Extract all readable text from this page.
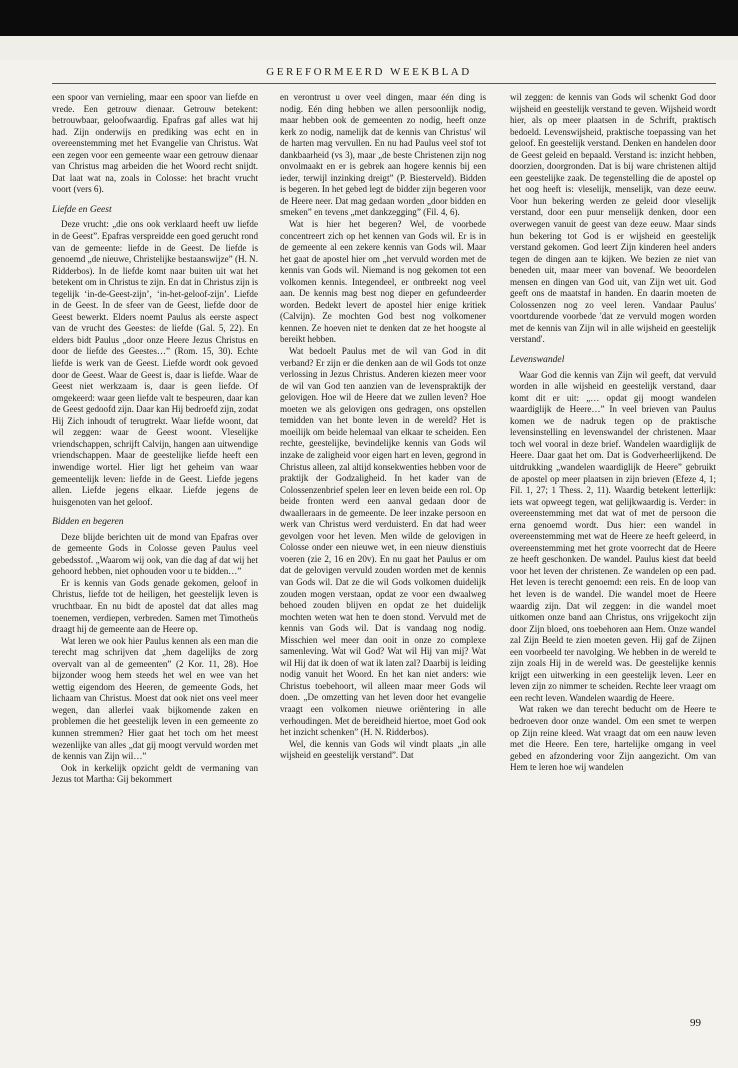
GEREFORMEERD WEEKBLAD

een spoor van vernieling, maar een spoor van liefde en vrede. Een getrouw dienaar. Getrouw betekent: betrouwbaar, geloofwaardig. Epafras gaf alles wat hij had. Zijn onderwijs en prediking was echt en in overeenstemming met het Evangelie van Christus. Wat een zegen voor een gemeente waar een getrouw dienaar van Christus mag arbeiden die het Woord recht snijdt. Dat laat wat na, zoals in Colosse: het bracht vrucht voort (vers 6).

Liefde en Geest

Deze vrucht: „die ons ook verklaard heeft uw liefde in de Geest”. Epafras verspreidde een goed gerucht rond van de gemeente: liefde in de Geest. De liefde is genoemd „de nieuwe, Christelijke bestaanswijze” (H. N. Ridderbos). In de liefde komt naar buiten uit wat het betekent om in Christus te zijn. En dat in Christus zijn is tegelijk ‘in-de-Geest-zijn’, ‘in-het-geloof-zijn’. Liefde in de Geest. In de sfeer van de Geest, liefde door de Geest bewerkt. Elders noemt Paulus als eerste aspect van de vrucht des Geestes: de liefde (Gal. 5, 22). En elders bidt Paulus „door onze Heere Jezus Christus en door de liefde des Geestes…” (Rom. 15, 30). Echte liefde is werk van de Geest. Liefde wordt ook gevoed door de Geest. Waar de Geest is, daar is liefde. Waar de Geest niet werkzaam is, daar is geen liefde. Of omgekeerd: waar geen liefde valt te bespeuren, daar kan de Geest gedoofd zijn. Daar kan Hij bedroefd zijn, zodat Hij Zich inhoudt of terugtrekt. Waar liefde woont, dat wil zeggen: waar de Geest woont. Vleselijke vriendschappen, schrijft Calvijn, hangen aan uitwendige vriendschappen. Maar de geestelijke liefde heeft een inwendige wortel. Hier ligt het geheim van waar gemeentelijk leven: liefde in de Geest. Liefde jegens allen. Liefde jegens elkaar. Liefde jegens de huisgenoten van het geloof.

Bidden en begeren

Deze blijde berichten uit de mond van Epafras over de gemeente Gods in Colosse geven Paulus veel gebedsstof. „Waarom wij ook, van die dag af dat wij het gehoord hebben, niet ophouden voor u te bidden…”

Er is kennis van Gods genade gekomen, geloof in Christus, liefde tot de heiligen, het geestelijk leven is vruchtbaar. En nu bidt de apostel dat dat alles mag toenemen, verdiepen, verbreden. Samen met Timotheüs draagt hij de gemeente aan de Heere op.

Wat leren we ook hier Paulus kennen als een man die terecht mag schrijven dat „hem dagelijks de zorg overvalt van al de gemeenten” (2 Kor. 11, 28). Hoe bijzonder woog hem steeds het wel en wee van het wettig eigendom des Heeren, de gemeente Gods, het lichaam van Christus. Moest dat ook niet ons veel meer wegen, dan allerlei vaak bijkomende zaken en problemen die het geestelijk leven in een gemeente zo kunnen stremmen? Hier gaat het toch om het meest wezenlijke van alles „dat gij moogt vervuld worden met de kennis van Zijn wil…”

Ook in kerkelijk opzicht geldt de vermaning van Jezus tot Martha: Gij bekommert

en verontrust u over veel dingen, maar één ding is nodig. Eén ding hebben we allen persoonlijk nodig, maar hebben ook de gemeenten zo nodig, heeft onze kerk zo nodig, namelijk dat de kennis van Christus' wil de harten mag vervullen. En nu had Paulus veel stof tot dankbaarheid (vs 3), maar „de beste Christenen zijn nog onvolmaakt en er is gebrek aan hogere kennis bij een ieder, terwijl inzinking dreigt” (P. Biesterveld). Bidden is begeren. In het gebed legt de bidder zijn begeren voor de Heere neer. Dat mag gedaan worden „door bidden en smeken” en tevens „met dankzegging” (Fil. 4, 6).

Wat is hier het begeren? Wel, de voorbede concentreert zich op het kennen van Gods wil. Er is in de gemeente al een zekere kennis van Gods wil. Maar het gaat de apostel hier om „het vervuld worden met de kennis van Gods wil. Niemand is nog gekomen tot een volkomen kennis. Integendeel, er ontbreekt nog veel aan. De kennis mag best nog dieper en gefundeerder worden. Bedekt levert de apostel hier enige kritiek (Calvijn). Ze mochten God best nog volkomener kennen. Ze hoeven niet te denken dat ze het hoogste al bereikt hebben.

Wat bedoelt Paulus met de wil van God in dit verband? Er zijn er die denken aan de wil Gods tot onze verlossing in Jezus Christus. Anderen kiezen meer voor de wil van God ten aanzien van de levenspraktijk der gelovigen. Hoe wil de Heere dat we zullen leven? Hoe moeten we als gelovigen ons gedragen, ons opstellen temidden van het bonte leven in de wereld? Het is moeilijk om beide helemaal van elkaar te scheiden. Een rechte, geestelijke, bevindelijke kennis van Gods wil inzake de zaligheid voor eigen hart en leven, gegrond in Christus alleen, zal altijd konsekwenties hebben voor de praktijk der Godzaligheid. In het kader van de Colossenzenbrief spelen leer en leven beide een rol. Op beide fronten werd een aanval gedaan door de dwaalleraars in de gemeente. De leer inzake persoon en werk van Christus werd verduisterd. En dat had weer gevolgen voor het leven. Men wilde de gelovigen in Colosse onder een nieuwe wet, in een nieuw dienstiuis voeren (zie 2, 16 en 20v). En nu gaat het Paulus er om dat de gelovigen vervuld zouden worden met de kennis van Gods wil. Dat ze die wil Gods volkomen duidelijk zouden mogen verstaan, opdat ze voor een dwaalweg behoed zouden blijven en opdat ze het duidelijk mochten weten wat hen te doen stond. Vervuld met de kennis van Gods wil. Dat is vandaag nog nodig. Misschien wel meer dan ooit in onze zo complexe samenleving. Wat wil God? Wat wil Hij van mij? Wat wil Hij dat ik doen of wat ik laten zal? Daarbij is leiding nodig vanuit het Woord. En het kan niet anders: wie Christus toebehoort, wil alleen maar meer Gods wil doen. „De omzetting van het leven door het evangelie vraagt een volkomen nieuwe oriëntering in alle verhoudingen. Met de bereidheid hiertoe, moet God ook het inzicht schenken” (H. N. Ridderbos).

Wel, die kennis van Gods wil vindt plaats „in alle wijsheid en geestelijk verstand”. Dat

wil zeggen: de kennis van Gods wil schenkt God door wijsheid en geestelijk verstand te geven. Wijsheid wordt hier, als op meer plaatsen in de Schrift, praktisch bedoeld. Levenswijsheid, praktische toepassing van het geloof. En geestelijk verstand. Denken en handelen door de Geest geleid en bepaald. Verstand is: inzicht hebben, doorzien, doorgronden. Dat is bij ware christenen altijd een geestelijke zaak. De tegenstelling die de apostel op het oog heeft is: vleselijk, menselijk, van deze eeuw. Voor hun bekering werden ze geleid door vleselijk verstand, door een puur menselijk denken, door een overwegen vanuit de geest van deze eeuw. Maar sinds hun bekering tot God is er wijsheid en geestelijk verstand gekomen. God leert Zijn kinderen heel anders tegen de dingen aan te kijken. We bezien ze niet van beneden uit, maar meer van bovenaf. We beoordelen mensen en dingen van God uit, van Zijn wet uit. God geeft ons de maatstaf in handen. En daarin moeten de Colossenzen nog zo veel leren. Vandaar Paulus' voortdurende voorbede 'dat ze vervuld mogen worden met de kennis van Zijn wil in alle wijsheid en geestelijk verstand'.

Levenswandel

Waar God die kennis van Zijn wil geeft, dat vervuld worden in alle wijsheid en geestelijk verstand, daar komt dit er uit: „… opdat gij moogt wandelen waardiglijk de Heere…” In veel brieven van Paulus komen we de nadruk tegen op de praktische levensinstelling en levenswandel der christenen. Maar toch wel vooral in deze brief. Wandelen waardiglijk de Heere. Daar gaat het om. Dat is Godverheerlijkend. De uitdrukking „wandelen waardiglijk de Heere” gebruikt de apostel op meer plaatsen in zijn brieven (Efeze 4, 1; Fil. 1, 27; 1 Thess. 2, 11). Waardig betekent letterlijk: iets wat opweegt tegen, wat gelijkwaardig is. Verder: in overeenstemming met dat wat of met de persoon die erna genoemd wordt. Dus hier: een wandel in overeenstemming met wat de Heere ze heeft geleerd, in overeenstemming met het grote voorrecht dat de Heere ze heeft geschonken. De wandel. Paulus kiest dat beeld voor het leven der christenen. Ze wandelen op een pad. Het leven is terecht genoemd: een reis. En de loop van het leven is de wandel. Die wandel moet de Heere waardig zijn. Dat wil zeggen: in die wandel moet uitkomen onze band aan Christus, ons vrijgekocht zijn door Zijn bloed, ons toebehoren aan Hem. Onze wandel zal Zijn Beeld te zien moeten geven. Hij gaf de Zijnen een voorbeeld ter navolging. We hebben in de wereld te zijn zoals Hij in de wereld was. De geestelijke kennis krijgt een uitwerking in een geestelijk leven. Leer en leven zijn zo nimmer te scheiden. Rechte leer vraagt om een recht leven. Wandelen waardig de Heere.

Wat raken we dan terecht beducht om de Heere te bedroeven door onze wandel. Om een smet te werpen op Zijn reine kleed. Wat vraagt dat om een nauw leven met die Heere. Een tere, hartelijke omgang in veel gebed en afzondering voor Zijn aangezicht. Om van Hem te leren hoe wij wandelen

99
